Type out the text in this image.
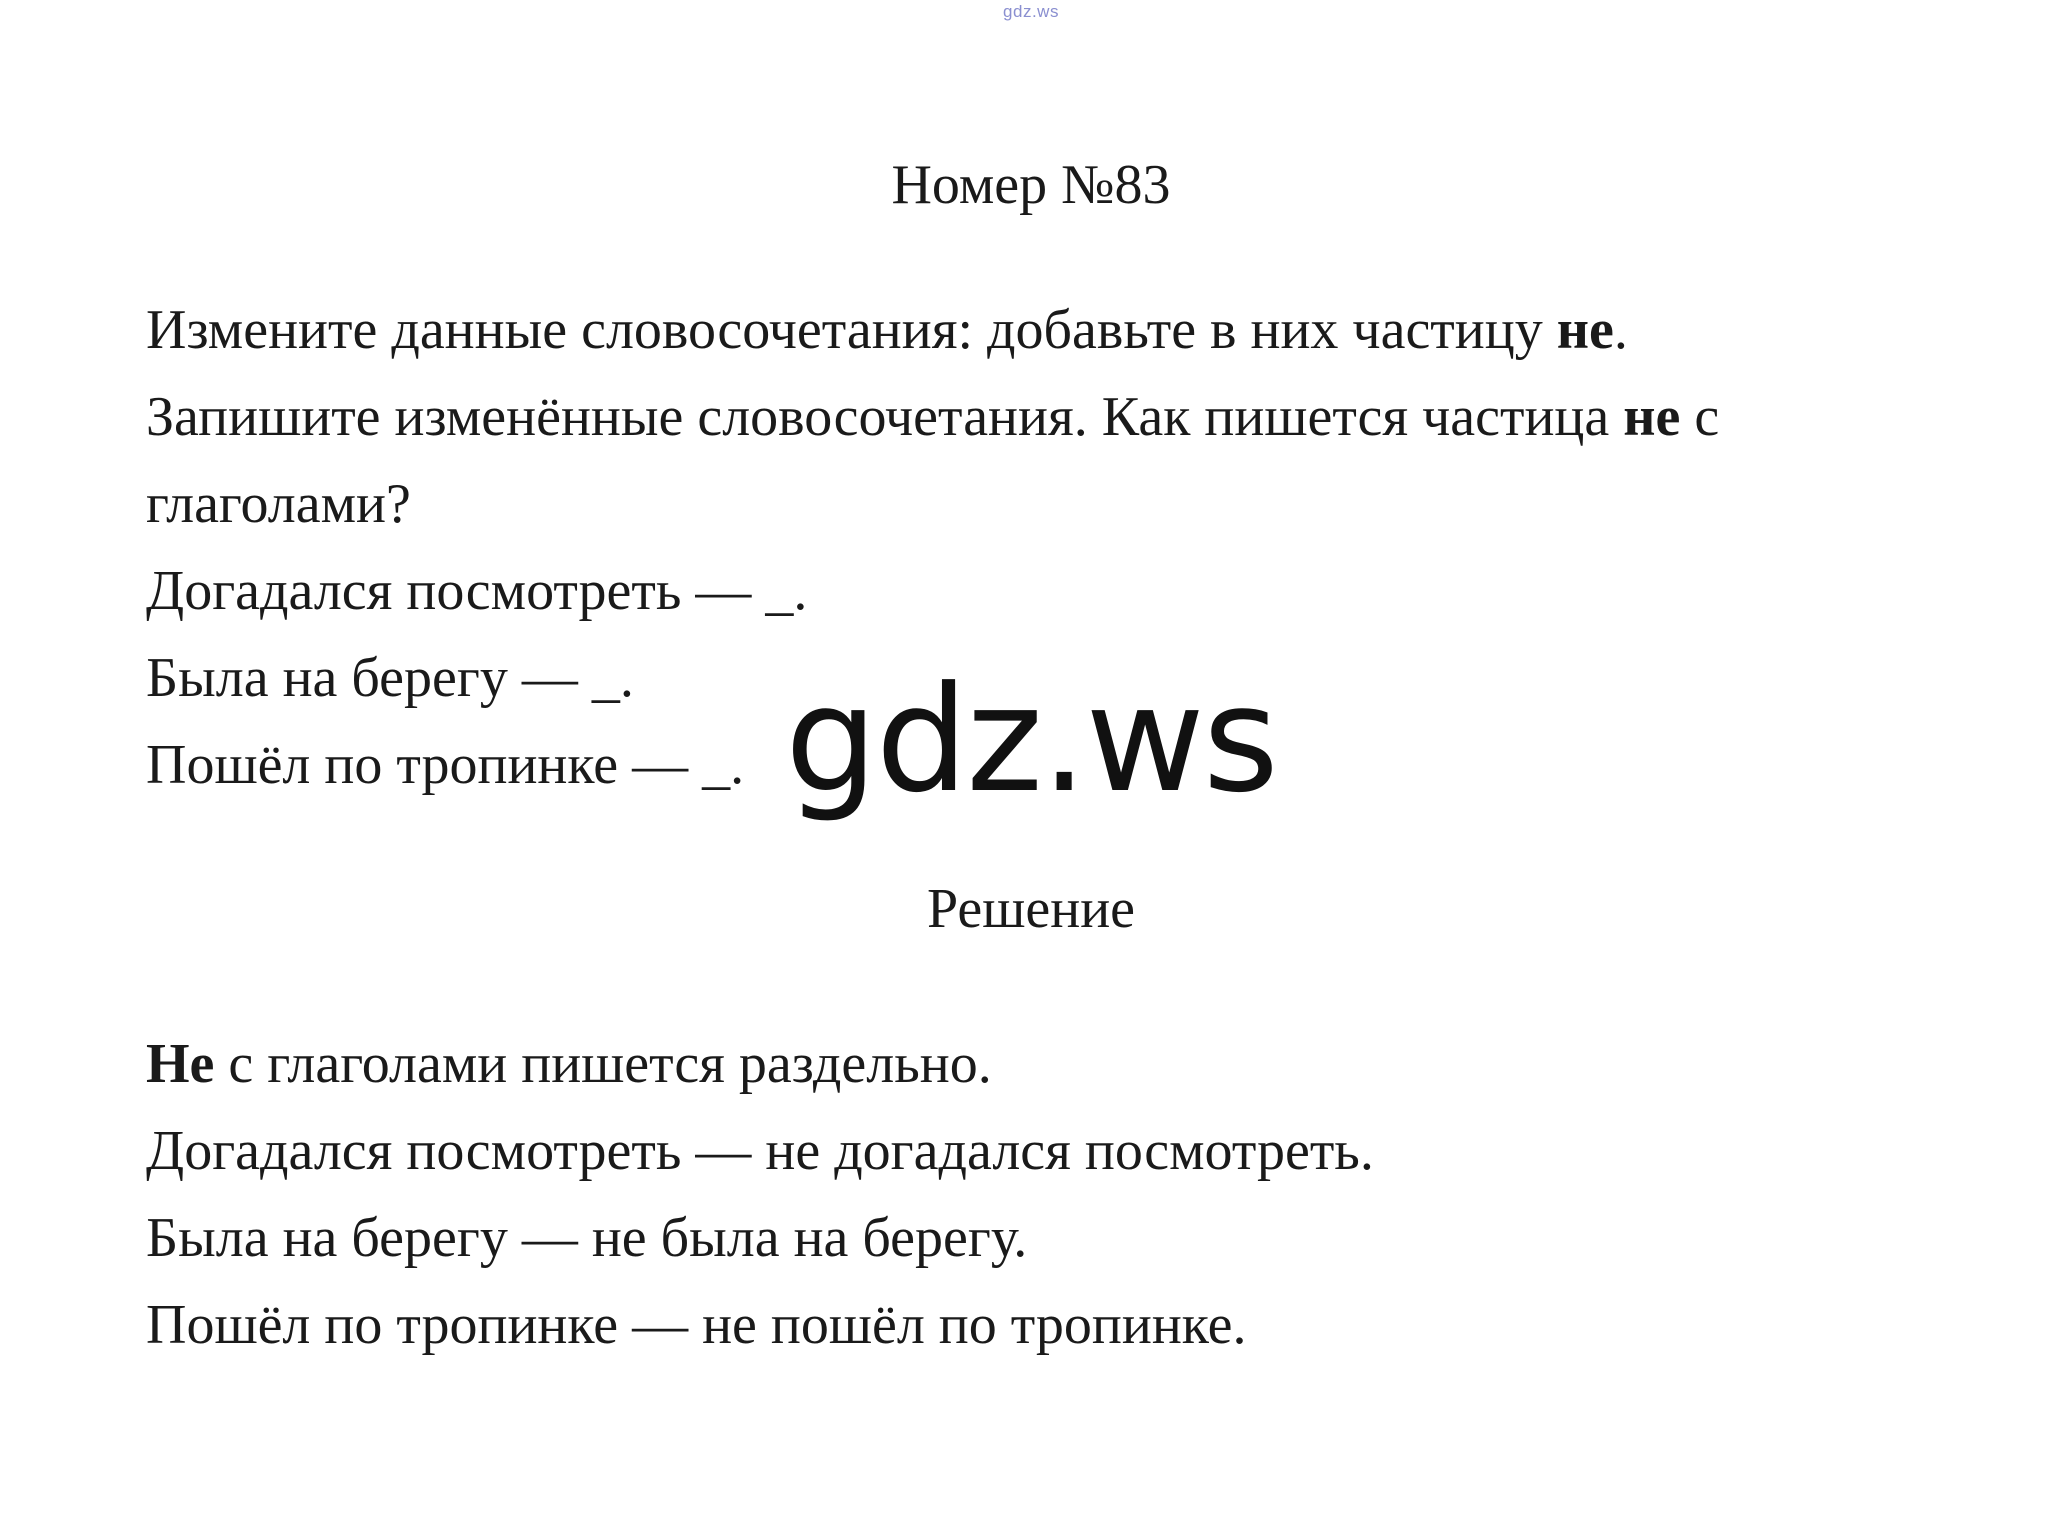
gdz.ws
Номер №83
Измените данные словосочетания: добавьте в них частицу не.
Запишите изменённые словосочетания. Как пишется частица не с
глаголами?
Догадался посмотреть — _.
Была на берегу — _.
Пошёл по тропинке — _. gdz.ws
Решение
Не с глаголами пишется раздельно.
Догадался посмотреть — не догадался посмотреть.
Была на берегу — не была на берегу.
Пошёл по тропинке — не пошёл по тропинке.
